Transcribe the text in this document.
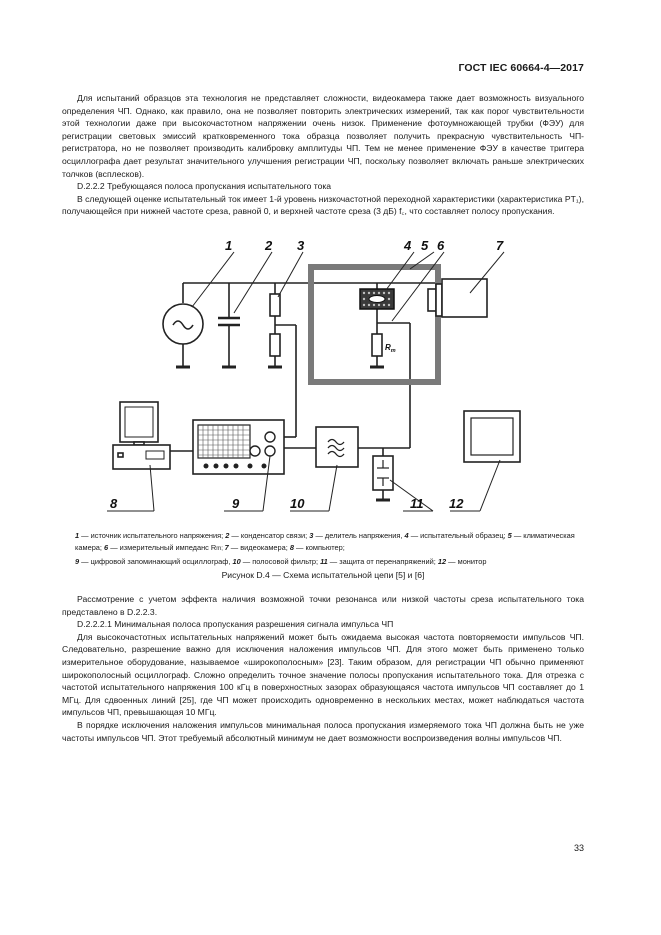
ГОСТ IEC 60664-4—2017

Для испытаний образцов эта технология не представляет сложности, видеокамера также дает возможность визуального определения ЧП. Однако, как правило, она не позволяет повторить электрических измерений, так как порог чувствительности этой технологии даже при высокочастотном напряжении очень низок. Применение фотоумножающей трубки (ФЭУ) для регистрации световых эмиссий кратковременного тока образца позволяет получить прекрасную чувствительность ЧП-регистратора, но не позволяет производить калибровку амплитуды ЧП. Тем не менее применение ФЭУ в качестве триггера осциллографа дает результат значительного улучшения регистрации ЧП, поскольку позволяет включать раньше электрических толчков (всплесков).

D.2.2.2 Требующаяся полоса пропускания испытательного тока

В следующей оценке испытательный ток имеет 1-й уровень низкочастотной переходной характеристики (характеристика PT₁), получающейся при нижней частоте среза, равной 0, и верхней частоте среза (3 дБ) f꜀, что составляет полосу пропускания.

$R_m$
1	2 3	4 5 6	7
8	9	10	11 12
1 — источник испытательного напряжения; 2 — конденсатор связи; 3 — делитель напряжения, 4 — испытательный образец; 5 — климатическая камера; 6 — измерительный импеданс Rm; 7 — видеокамера; 8 — компьютер;
9 — цифровой запоминающий осциллограф, 10 — полосовой фильтр; 11 — защита от перенапряжений; 12 — монитор
Рисунок D.4 — Схема испытательной цепи [5] и [6]

Рассмотрение с учетом эффекта наличия возможной точки резонанса или низкой частоты среза испытательного тока представлено в D.2.2.3.

D.2.2.2.1 Минимальная полоса пропускания разрешения сигнала импульса ЧП

Для высокочастотных испытательных напряжений может быть ожидаема высокая частота повторяемости импульсов ЧП. Следовательно, разрешение важно для исключения наложения импульсов ЧП. Для этого может быть применено только измерительное оборудование, называемое «широкополосным» [23]. Таким образом, для регистрации ЧП обычно применяют широкополосный осциллограф. Сложно определить точное значение полосы пропускания испытательного тока. Для отрезка с частотой испытательного напряжения 100 кГц в поверхностных зазорах образующаяся частота импульсов ЧП составляет до 1 МГц. Для сдвоенных линий [25], где ЧП может происходить одновременно в нескольких местах, может наблюдаться частота импульсов ЧП, превышающая 10 МГц.

В порядке исключения наложения импульсов минимальная полоса пропускания измеряемого тока ЧП должна быть не уже частоты импульсов ЧП. Этот требуемый абсолютный минимум не дает возможности воспроизведения волны импульсов ЧП.

33
